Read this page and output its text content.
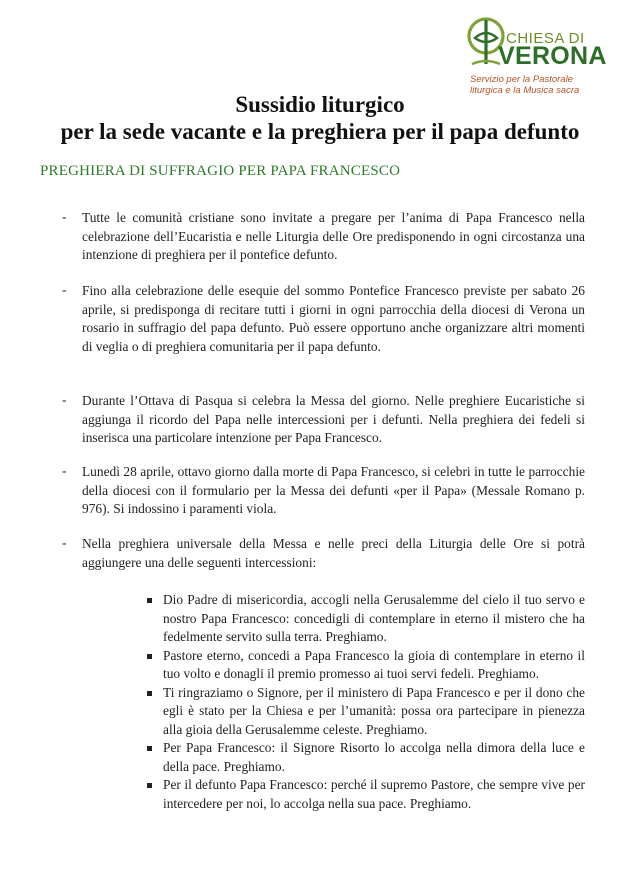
CHIESA DI
VERONA
Servizio per la Pastorale
liturgica e la Musica sacra
Sussidio liturgico
per la sede vacante e la preghiera per il papa defunto
PREGHIERA DI SUFFRAGIO PER PAPA FRANCESCO
- Tutte le comunità cristiane sono invitate a pregare per l’anima di Papa Francesco nella celebrazione dell’Eucaristia e nelle Liturgia delle Ore predisponendo in ogni circostanza una intenzione di preghiera per il pontefice defunto.
- Fino alla celebrazione delle esequie del sommo Pontefice Francesco previste per sabato 26 aprile, si predisponga di recitare tutti i giorni in ogni parrocchia della diocesi di Verona un rosario in suffragio del papa defunto. Può essere opportuno anche organizzare altri momenti di veglia o di preghiera comunitaria per il papa defunto.
- Durante l’Ottava di Pasqua si celebra la Messa del giorno. Nelle preghiere Eucaristiche si aggiunga il ricordo del Papa nelle intercessioni per i defunti. Nella preghiera dei fedeli si inserisca una particolare intenzione per Papa Francesco.
- Lunedì 28 aprile, ottavo giorno dalla morte di Papa Francesco, si celebri in tutte le parrocchie della diocesi con il formulario per la Messa dei defunti «per il Papa» (Messale Romano p. 976). Si indossino i paramenti viola.
- Nella preghiera universale della Messa e nelle preci della Liturgia delle Ore si potrà aggiungere una delle seguenti intercessioni:
Dio Padre di misericordia, accogli nella Gerusalemme del cielo il tuo servo e nostro Papa Francesco: concedigli di contemplare in eterno il mistero che ha fedelmente servito sulla terra. Preghiamo.
Pastore eterno, concedi a Papa Francesco la gioia di contemplare in eterno il tuo volto e donagli il premio promesso ai tuoi servi fedeli. Preghiamo.
Ti ringraziamo o Signore, per il ministero di Papa Francesco e per il dono che egli è stato per la Chiesa e per l’umanità: possa ora partecipare in pienezza alla gioia della Gerusalemme celeste. Preghiamo.
Per Papa Francesco: il Signore Risorto lo accolga nella dimora della luce e della pace. Preghiamo.
Per il defunto Papa Francesco: perché il supremo Pastore, che sempre vive per intercedere per noi, lo accolga nella sua pace. Preghiamo.
